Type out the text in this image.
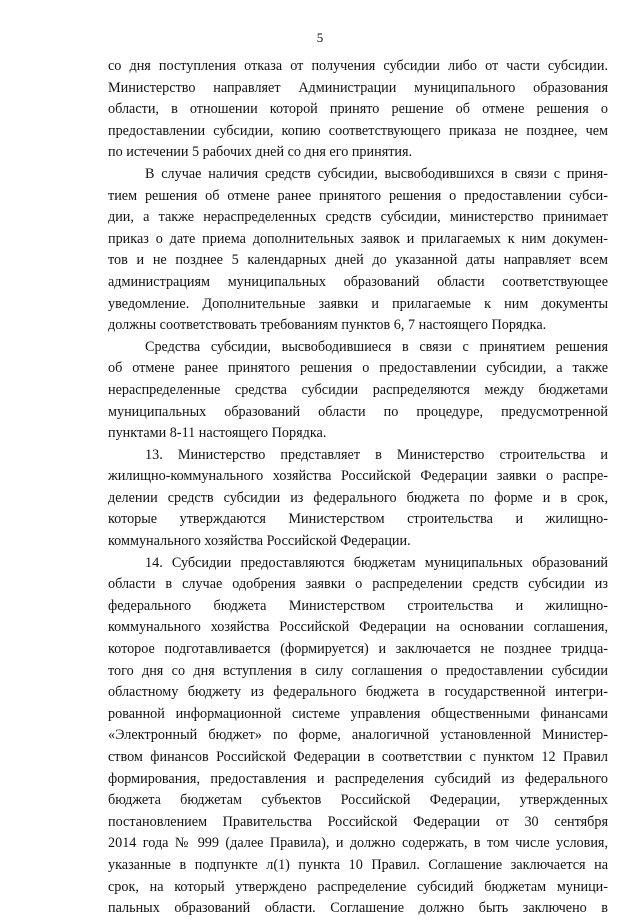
5

со дня поступления отказа от получения субсидии либо от части субсидии.

Министерство направляет Администрации муниципального образования

области, в отношении которой принято решение об отмене решения о

предоставлении субсидии, копию соответствующего приказа не позднее, чем

по истечении 5 рабочих дней со дня его принятия.

В случае наличия средств субсидии, высвободившихся в связи с приня-

тием решения об отмене ранее принятого решения о предоставлении субси-

дии, а также нераспределенных средств субсидии, министерство принимает

приказ о дате приема дополнительных заявок и прилагаемых к ним докумен-

тов и не позднее 5 календарных дней до указанной даты направляет всем

администрациям муниципальных образований области соответствующее

уведомление. Дополнительные заявки и прилагаемые к ним документы

должны соответствовать требованиям пунктов 6, 7 настоящего Порядка.

Средства субсидии, высвободившиеся в связи с принятием решения

об отмене ранее принятого решения о предоставлении субсидии, а также

нераспределенные средства субсидии распределяются между бюджетами

муниципальных образований области по процедуре, предусмотренной

пунктами 8-11 настоящего Порядка.

13. Министерство представляет в Министерство строительства и

жилищно-коммунального хозяйства Российской Федерации заявки о распре-

делении средств субсидии из федерального бюджета по форме и в срок,

которые утверждаются Министерством строительства и жилищно-

коммунального хозяйства Российской Федерации.

14. Субсидии предоставляются бюджетам муниципальных образований

области в случае одобрения заявки о распределении средств субсидии из

федерального бюджета Министерством строительства и жилищно-

коммунального хозяйства Российской Федерации на основании соглашения,

которое подготавливается (формируется) и заключается не позднее тридца-

того дня со дня вступления в силу соглашения о предоставлении субсидии

областному бюджету из федерального бюджета в государственной интегри-

рованной информационной системе управления общественными финансами

«Электронный бюджет» по форме, аналогичной установленной Министер-

ством финансов Российской Федерации в соответствии с пунктом 12 Правил

формирования, предоставления и распределения субсидий из федерального

бюджета бюджетам субъектов Российской Федерации, утвержденных

постановлением Правительства Российской Федерации от 30 сентября

2014 года № 999 (далее Правила), и должно содержать, в том числе условия,

указанные в подпункте л(1) пункта 10 Правил. Соглашение заключается на

срок, на который утверждено распределение субсидий бюджетам муници-

пальных образований области. Соглашение должно быть заключено в
